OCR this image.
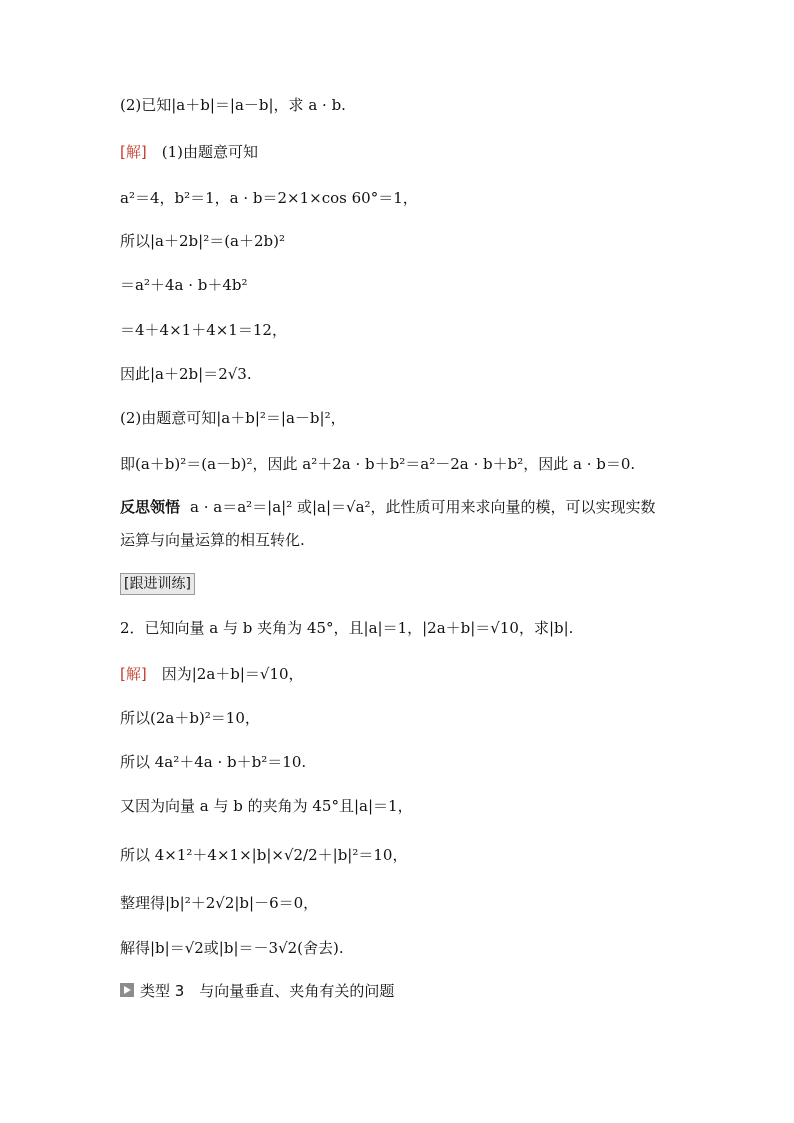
(2)已知|a＋b|＝|a－b|，求 a · b.
[解]　(1)由题意可知
a²＝4，b²＝1，a · b＝2×1×cos 60°＝1，
所以|a＋2b|²＝(a＋2b)²
＝a²＋4a · b＋4b²
＝4＋4×1＋4×1＝12，
因此|a＋2b|＝2√3.
(2)由题意可知|a＋b|²＝|a－b|²，
即(a＋b)²＝(a－b)²，因此 a²＋2a · b＋b²＝a²－2a · b＋b²，因此 a · b＝0.
反思领悟 a · a＝a²＝|a|² 或|a|＝√a²，此性质可用来求向量的模，可以实现实数
运算与向量运算的相互转化.
[跟进训练]
2．已知向量 a 与 b 夹角为 45°，且|a|＝1，|2a＋b|＝√10，求|b|.
[解]　因为|2a＋b|＝√10，
所以(2a＋b)²＝10，
所以 4a²＋4a · b＋b²＝10.
又因为向量 a 与 b 的夹角为 45°且|a|＝1，
所以 4×1²＋4×1×|b|×√2/2＋|b|²＝10，
整理得|b|²＋2√2|b|－6＝0，
解得|b|＝√2或|b|＝－3√2(舍去).
类型 3　与向量垂直、夹角有关的问题
